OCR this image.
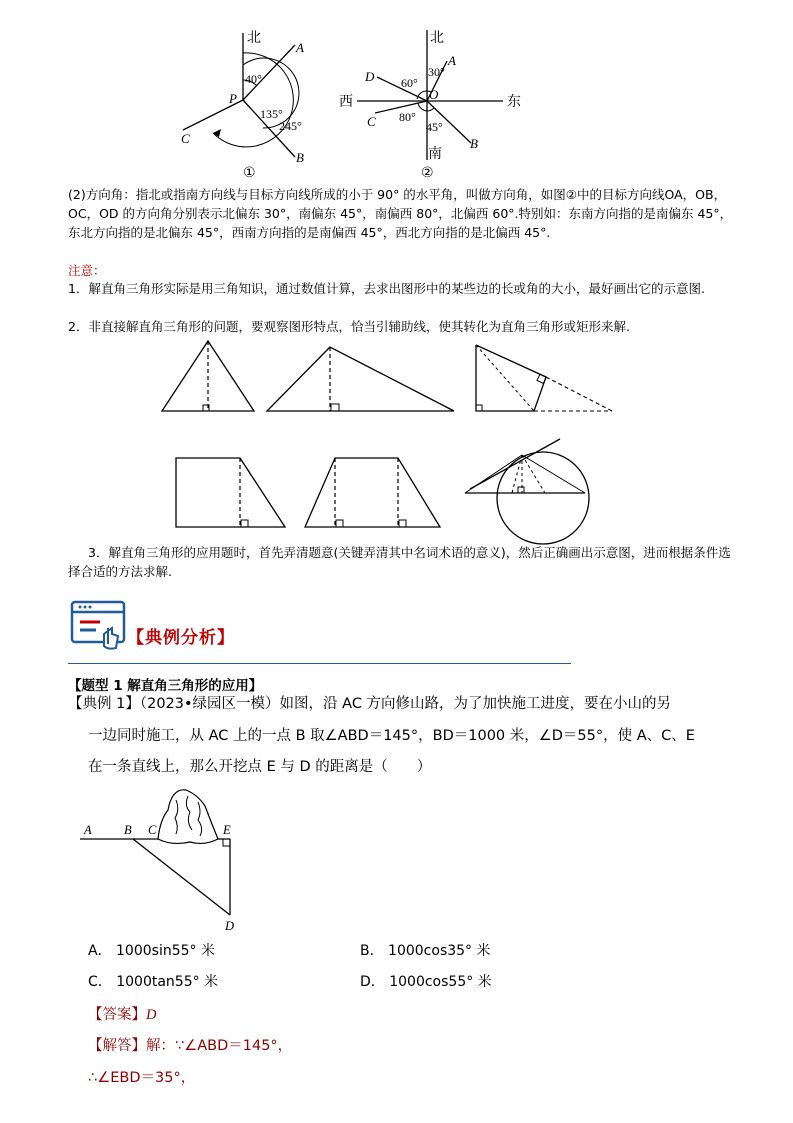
北
A
P
C
B
40°
135°
245°
①
北
南
东
西
A
B
C
D
O
30°
60°
80°
45°
②
(2)方向角：指北或指南方向线与目标方向线所成的小于 90° 的水平角，叫做方向角，如图②中的目标方向线OA，OB，OC，OD 的方向角分别表示北偏东 30°，南偏东 45°，南偏西 80°，北偏西 60°.特别如：东南方向指的是南偏东 45°，东北方向指的是北偏东 45°，西南方向指的是南偏西 45°，西北方向指的是北偏西 45°.
注意：
1．解直角三角形实际是用三角知识，通过数值计算，去求出图形中的某些边的长或角的大小，最好画出它的示意图.
2．非直接解直角三角形的问题，要观察图形特点，恰当引辅助线，使其转化为直角三角形或矩形来解.
3．解直角三角形的应用题时，首先弄清题意(关键弄清其中名词术语的意义)，然后正确画出示意图，进而根据条件选择合适的方法求解.
【典例分析】
【题型 1 解直角三角形的应用】
【典例 1】（2023•绿园区一模）如图，沿 AC 方向修山路，为了加快施工进度，要在小山的另
一边同时施工，从 AC 上的一点 B 取∠ABD＝145°，BD＝1000 米，∠D＝55°，使 A、C、E
在一条直线上，那么开挖点 E 与 D 的距离是（　　）
A	B C	E
D
A． 1000sin55° 米	B． 1000cos35° 米
C． 1000tan55° 米	D． 1000cos55° 米
【答案】D
【解答】解：∵∠ABD＝145°，
∴∠EBD＝35°，
